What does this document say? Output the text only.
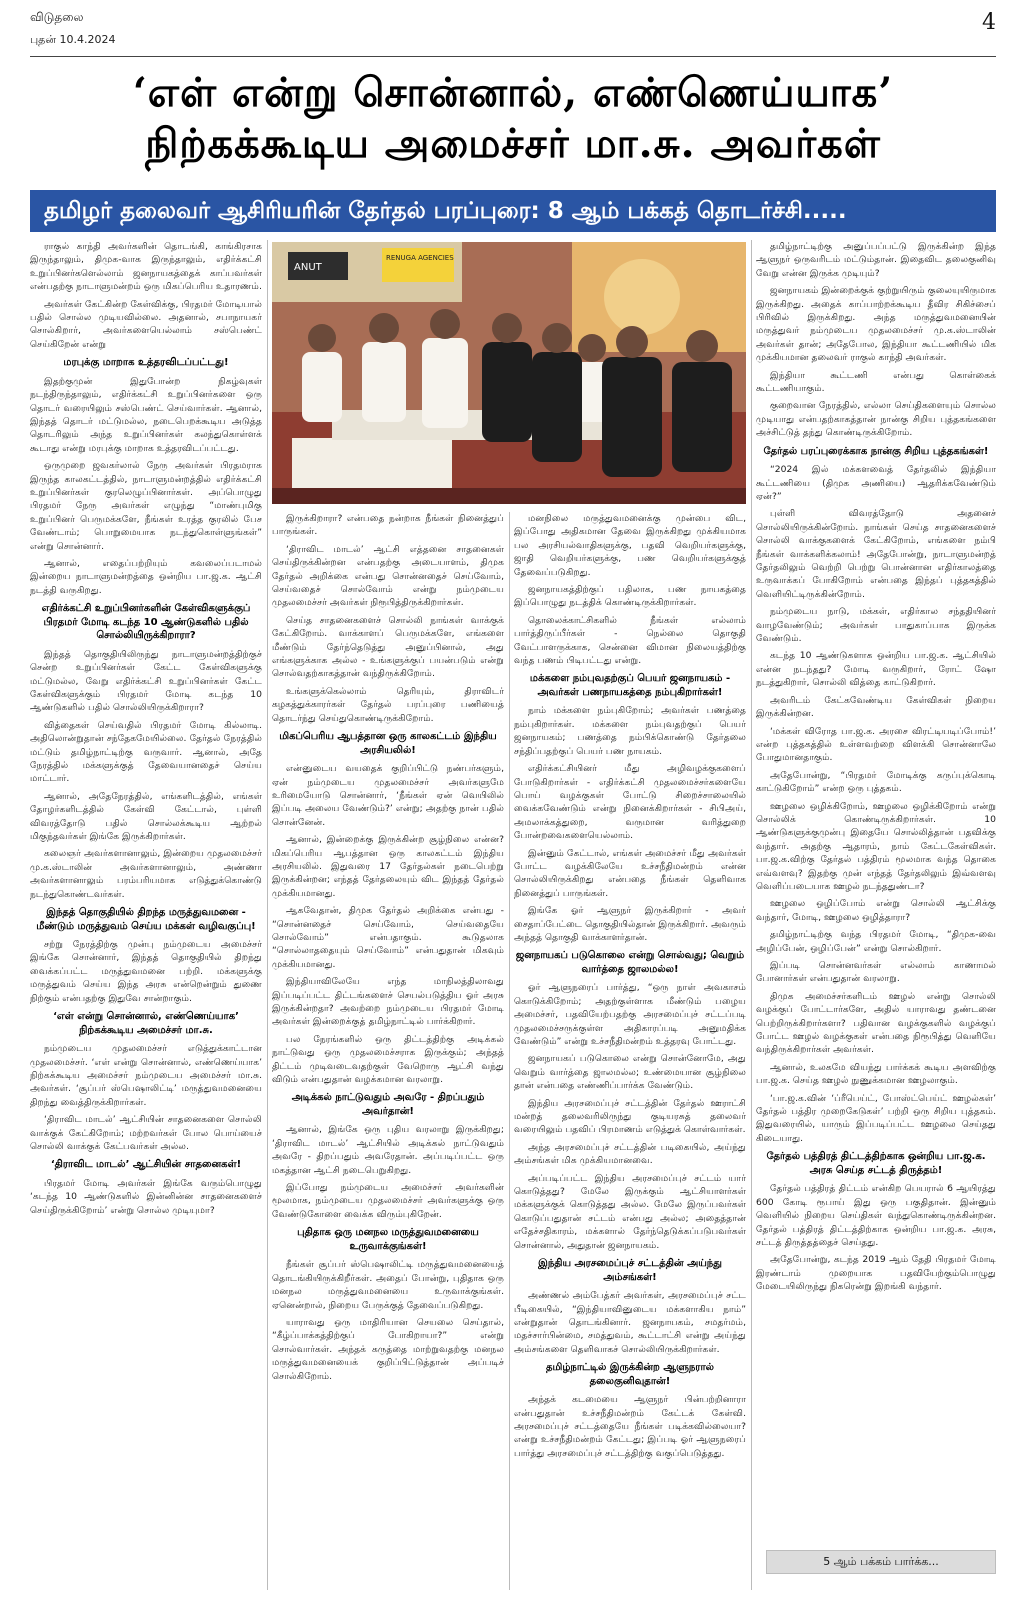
விடுதலை
புதன் 10.4.2024
4
‘எள் என்று சொன்னால், எண்ணெய்யாக’
நிற்கக்கூடிய அமைச்சர் மா.சு. அவர்கள்
தமிழர் தலைவர் ஆசிரியரின் தேர்தல் பரப்புரை: 8 ஆம் பக்கத் தொடர்ச்சி.....
RENUGA AGENCIES
ANUT

ராகுல் காந்தி அவர்களின் தொடங்கி, காங்கிரசாக இருந்தாலும், திமுக-வாக இருந்தாலும், எதிர்க்கட்சி உறுப்பினர்களெல்லாம் ஜனநாயகத்தைக் காப்பவர்கள் என்பதற்கு நாடாளுமன்றம் ஒரு மிகப்பெரிய உதாரணம்.

அவர்கள் கேட்கின்ற கேள்விக்கு, பிரதமர் மோடியால் பதில் சொல்ல முடியவில்லை. அதனால், சபாநாயகர் சொல்கிறார், அவர்களையெல்லாம் சஸ்பெண்ட் செய்கிறேன் என்று

மரபுக்கு மாறாக உத்தரவிடப்பட்டது!

இதற்குமுன் இதுபோன்ற நிகழ்வுகள் நடந்திருந்தாலும், எதிர்க்கட்சி உறுப்பினர்களை ஒரு தொடர் வரையிலும் சஸ்பெண்ட் செய்வார்கள். ஆனால், இந்தத் தொடர் மட்டுமல்ல, நடைபெறக்கூடிய அடுத்த தொடரிலும் அந்த உறுப்பினர்கள் கலந்துகொள்ளக் கூடாது என்று மரபுக்கு மாறாக உத்தரவிடப்பட்டது.

ஒருமுறை ஜவகர்லால் நேரு அவர்கள் பிரதமராக இருந்த காலகட்டத்தில், நாடாளுமன்றத்தில் எதிர்க்கட்சி உறுப்பினர்கள் குரலெழுப்பினார்கள். அப்பொழுது பிரதமர் நேரு அவர்கள் எழுந்து “மாண்புமிகு உறுப்பினர் பெருமக்களே, நீங்கள் உரத்த குரலில் பேச வேண்டாம்; பொறுமையாக நடந்துகொள்ளுங்கள்” என்று சொன்னார்.

ஆனால், எதைப்பற்றியும் கவலைப்படாமல் இன்றைய நாடாளுமன்றத்தை ஒன்றிய பா.ஜ.க. ஆட்சி நடத்தி வருகிறது.

எதிர்க்கட்சி உறுப்பினர்களின் கேள்விகளுக்குப் பிரதமர் மோடி கடந்த 10 ஆண்டுகளில் பதில் சொல்லியிருக்கிறாரா?

இந்தத் தொகுதியிலிருந்து நாடாளுமன்றத்திற்குச் சென்ற உறுப்பினர்கள் கேட்ட கேள்விகளுக்கு மட்டுமல்ல, வேறு எதிர்க்கட்சி உறுப்பினர்கள் கேட்ட கேள்விகளுக்கும் பிரதமர் மோடி கடந்த 10 ஆண்டுகளில் பதில் சொல்லியிருக்கிறாரா?

வித்தைகள் செய்வதில் பிரதமர் மோடி கில்லாடி. அதிலொன்றுதான் சந்தேகமேயில்லை. தேர்தல் நேரத்தில் மட்டும் தமிழ்நாட்டிற்கு வருவார். ஆனால், அதே நேரத்தில் மக்களுக்குத் தேவையானதைச் செய்ய மாட்டார்.

ஆனால், அதேநேரத்தில், எங்களிடத்தில், எங்கள் தோழர்களிடத்தில் கேள்வி கேட்டால், புள்ளி விவரத்தோடு பதில் சொல்லக்கூடிய ஆற்றல் மிகுந்தவர்கள் இங்கே இருக்கிறார்கள்.

கலைஞர் அவர்களானாலும், இன்றைய முதலமைச்சர் மு.க.ஸ்டாலின் அவர்களானாலும், அண்ணா அவர்களானாலும் பரம்பரியமாக எடுத்துக்கொண்டு நடந்துகொண்டவர்கள்.

இந்தத் தொகுதியில் திறந்த மருத்துவமனை - மீண்டும் மருத்துவம் செய்ய மக்கள் வழிவகுப்பு!

சற்று நேரத்திற்கு முன்பு நம்முடைய அமைச்சர் இங்கே சொன்னார், இந்தத் தொகுதியில் திறந்து வைக்கப்பட்ட மருத்துவமனை பற்றி. மக்களுக்கு மருத்துவம் செய்ய இந்த அரசு என்றென்றும் துணை நிற்கும் என்பதற்கு இதுவே சான்றாகும்.

‘எள் என்று சொன்னால், எண்ணெய்யாக’ நிற்கக்கூடிய அமைச்சர் மா.சு.

நம்முடைய முதலமைச்சர் எடுத்துக்காட்டான முதலமைச்சர். ‘எள் என்று சொன்னால், எண்ணெய்யாக’ நிற்கக்கூடிய அமைச்சர் நம்முடைய அமைச்சர் மா.சு. அவர்கள். ‘சூப்பர் ஸ்பெஷாலிட்டி’ மருத்துவமனையை திறந்து வைத்திருக்கிறார்கள்.

‘திராவிட மாடல்’ ஆட்சியின் சாதனைகளை சொல்லி வாக்குக் கேட்கிறோம்; மற்றவர்கள் போல பொய்யைச் சொல்லி வாக்குக் கேட்பவர்கள் அல்ல.

‘திராவிட மாடல்’ ஆட்சியின் சாதனைகள்!

பிரதமர் மோடி அவர்கள் இங்கே வரும்பொழுது ‘கடந்த 10 ஆண்டுகளில் இன்னின்ன சாதனைகளைச் செய்திருக்கிறோம்’ என்று சொல்ல முடியுமா?

இருக்கிறாரா? என்பதை நன்றாக நீங்கள் நினைத்துப் பாருங்கள்.

‘திராவிட மாடல்’ ஆட்சி எத்தனை சாதனைகள் செய்திருக்கின்றன என்பதற்கு அடையாளம், திமுக தேர்தல் அறிக்கை என்பது சொன்னதைச் செய்வோம், செய்வதைச் சொல்வோம் என்று நம்முடைய முதலமைச்சர் அவர்கள் நிரூபித்திருக்கிறார்கள்.

செய்த சாதனைகளைச் சொல்லி நாங்கள் வாக்குக் கேட்கிறோம். வாக்காளப் பெருமக்களே, எங்களை மீண்டும் தேர்ந்தெடுத்து அனுப்பினால், அது எங்களுக்காக அல்ல - உங்களுக்குப் பயன்படும் என்று சொல்வதற்காகத்தான் வந்திருக்கிறோம்.

உங்களுக்கெல்லாம் தெரியும், திராவிடர் கழகத்துக்காரர்கள் தேர்தல் பரப்புரை பணியைத் தொடர்ந்து செய்துகொண்டிருக்கிறோம்.

மிகப்பெரிய ஆபத்தான ஒரு காலகட்டம் இந்திய அரசியலில்!

என்னுடைய வயதைக் குறிப்பிட்டு நண்பர்களும், ஏன் நம்முடைய முதலமைச்சர் அவர்களுமே உரிமையோடு சொன்னார், ‘நீங்கள் ஏன் வெயிலில் இப்படி அலைய வேண்டும்?’ என்று; அதற்கு நான் பதில் சொன்னேன்.

ஆனால், இன்றைக்கு இருக்கின்ற சூழ்நிலை என்ன? மிகப்பெரிய ஆபத்தான ஒரு காலகட்டம் இந்திய அரசியலில். இதுவரை 17 தேர்தல்கள் நடைபெற்று இருக்கின்றன; எந்தத் தேர்தலையும் விட இந்தத் தேர்தல் முக்கியமானது.

ஆகவேதான், திமுக தேர்தல் அறிக்கை என்பது - “சொன்னதைச் செய்வோம், செய்வதையே சொல்வோம்” என்பதாகும். கூடுதலாக “சொல்லாததையும் செய்வோம்” என்பதுதான் மிகவும் முக்கியமானது.

இந்தியாவிலேயே எந்த மாநிலத்திலாவது இப்படிப்பட்ட திட்டங்களைச் செயல்படுத்திய ஓர் அரசு இருக்கின்றதா? அவற்றை நம்முடைய பிரதமர் மோடி அவர்கள் இன்றைக்குத் தமிழ்நாட்டில் பார்க்கிறார்.

பல நேரங்களில் ஒரு திட்டத்திற்கு அடிக்கல் நாட்டுவது ஒரு முதலமைச்சராக இருக்கும்; அந்தத் திட்டம் முடிவடைவதற்குள் வேறொரு ஆட்சி வந்து விடும் என்பதுதான் வழக்கமான வரலாறு.

அடிக்கல் நாட்டுவதும் அவரே - திறப்பதும் அவர்தான்!

ஆனால், இங்கே ஒரு புதிய வரலாறு இருக்கிறது; ‘திராவிட மாடல்’ ஆட்சியில் அடிக்கல் நாட்டுவதும் அவரே - திறப்பதும் அவரேதான். அப்படிப்பட்ட ஒரு மகத்தான ஆட்சி நடைபெறுகிறது.

இப்போது நம்முடைய அமைச்சர் அவர்களின் மூலமாக, நம்முடைய முதலமைச்சர் அவர்களுக்கு ஒரு வேண்டுகோளை வைக்க விரும்புகிறேன்.

புதிதாக ஒரு மனநல மருத்துவமனையை உருவாக்குங்கள்!

நீங்கள் சூப்பர் ஸ்பெஷாலிட்டி மருத்துவமனையைத் தொடங்கியிருக்கிறீர்கள். அதைப் போன்று, புதிதாக ஒரு மனநல மருத்துவமனையை உருவாக்குங்கள். ஏனென்றால், நிறைய பேருக்குத் தேவைப்படுகிறது.

யாராவது ஒரு மாதிரியான செயலை செய்தால், “கீழ்ப்பாக்கத்திற்குப் போகிறாயா?” என்று சொல்வார்கள். அந்தக் கருத்தை மாற்றுவதற்கு மனநல மருத்துவமனையைக் குறிப்பிட்டுத்தான் அப்படிச் சொல்கிறோம்.

மனநிலை மருத்துவமனைக்கு முன்பை விட, இப்போது அதிகமான தேவை இருக்கிறது முக்கியமாக பல அரசியல்வாதிகளுக்கு, பதவி வெறியர்களுக்கு, ஜாதி வெறியர்களுக்கு, பண வெறியர்களுக்குத் தேவைப்படுகிறது.

ஜனநாயகத்திற்குப் பதிலாக, பண நாயகத்தை இப்பொழுது நடத்திக் கொண்டிருக்கிறார்கள்.

தொலைக்காட்சிகளில் நீங்கள் எல்லாம் பார்த்திருப்பீர்கள் - நெல்லை தொகுதி வேட்பாளருக்காக, சென்னை விமான நிலையத்திற்கு வந்த பணம் பிடிபட்டது என்று.

மக்களை நம்புவதற்குப் பெயர் ஜனநாயகம் - அவர்கள் பணநாயகத்தை நம்புகிறார்கள்!

நாம் மக்களை நம்புகிறோம்; அவர்கள் பணத்தை நம்புகிறார்கள். மக்களை நம்புவதற்குப் பெயர் ஜனநாயகம்; பணத்தை நம்பிக்கொண்டு தேர்தலை சந்திப்பதற்குப் பெயர் பண நாயகம்.

எதிர்க்கட்சியினர் மீது அழிவழக்குகளைப் போடுகிறார்கள் - எதிர்க்கட்சி முதலமைச்சர்களையே பொய் வழக்குகள் போட்டு சிறைச்சாலையில் வைக்கவேண்டும் என்று நினைக்கிறார்கள் - சிபிஅய், அமலாக்கத்துறை, வருமான வரித்துறை போன்றவைகளையெல்லாம்.

இன்னும் கேட்டால், எங்கள் அமைச்சர் மீது அவர்கள் போட்ட வழக்கிலேயே உச்சநீதிமன்றம் என்ன சொல்லியிருக்கிறது என்பதை நீங்கள் தெளிவாக நினைத்துப் பாருங்கள்.

இங்கே ஓர் ஆளுநர் இருக்கிறார் - அவர் சைதாப்பேட்டை தொகுதியில்தான் இருக்கிறார். அவரும் அந்தத் தொகுதி வாக்காளர்தான்.

ஜனநாயகப் படுகொலை என்று சொல்வது; வெறும் வார்த்தை ஜாலமல்ல!

ஓர் ஆளுநரைப் பார்த்து, “ஒரு நாள் அவகாசம் கொடுக்கிறோம்; அதற்குள்ளாக மீண்டும் பழைய அமைச்சர், பதவியேற்பதற்கு அரசமைப்புச் சட்டப்படி முதலமைச்சருக்குள்ள அதிகாரப்படி அனுமதிக்க வேண்டும்” என்று உச்சநீதிமன்றம் உத்தரவு போட்டது.

ஜனநாயகப் படுகொலை என்று சொன்னோமே, அது வெறும் வார்த்தை ஜாலமல்ல; உண்மையான சூழ்நிலை தான் என்பதை எண்ணிப்பார்க்க வேண்டும்.

இந்திய அரசமைப்புச் சட்டத்தின் தேர்தல் ஊராட்சி மன்றத் தலைவரிலிருந்து குடியரசுத் தலைவர் வரையிலும் பதவிப் பிரமாணம் எடுத்துக் கொள்வார்கள்.

அந்த அரசமைப்புச் சட்டத்தின் படிகையில், அய்ந்து அம்சங்கள் மிக முக்கியமானவை.

அப்படிப்பட்ட இந்திய அரசமைப்புச் சட்டம் யார் கொடுத்தது? மேலே இருக்கும் ஆட்சியாளர்கள் மக்களுக்குக் கொடுத்தது அல்ல. மேலே இருப்பவர்கள் கொடுப்பதுதான் சட்டம் என்பது அல்ல; அதைத்தான் எதேச்சதிகாரம், மக்களால் தேர்ந்தெடுக்கப்படுபவர்கள் சொன்னால், அதுதான் ஜனநாயகம்.

இந்திய அரசமைப்புச் சட்டத்தின் அய்ந்து அம்சங்கள்!

அண்ணல் அம்பேத்கர் அவர்கள், அரசமைப்புச் சட்ட பீடிகையில், “இந்தியாவினுடைய மக்களாகிய நாம்” என்றுதான் தொடங்கினார். ஜனநாயகம், சமதர்மம், மதச்சார்பின்மை, சமத்துவம், கூட்டாட்சி என்று அய்ந்து அம்சங்களை தெளிவாகச் சொல்லியிருக்கிறார்கள்.

தமிழ்நாட்டில் இருக்கின்ற ஆளுநரால் தலைகுனிவுதான்!

அந்தக் கடமையை ஆளுநர் பின்பற்றினாரா என்பதுதான் உச்சநீதிமன்றம் கேட்டக் கேள்வி. அரசமைப்புச் சட்டத்தையே நீங்கள் படிக்கவில்லையா? என்று உச்சநீதிமன்றம் கேட்டது; இப்படி ஓர் ஆளுநரைப் பார்த்து அரசமைப்புச் சட்டத்திற்கு வகுப்பெடுத்தது.

தமிழ்நாட்டிற்கு அனுப்பப்பட்டு இருக்கின்ற இந்த ஆளுநர் ஒருவரிடம் மட்டும்தான். இதைவிட தலைகுனிவு வேறு என்ன இருக்க முடியும்?

ஜனநாயகம் இன்றைக்குக் குற்றுயிரும் குலையுயிருமாக இருக்கிறது. அதைக் காப்பாற்றக்கூடிய தீவிர சிகிச்சைப் பிரிவில் இருக்கிறது. அந்த மருத்துவமனையின் மருத்துவர் நம்முடைய முதலமைச்சர் மு.க.ஸ்டாலின் அவர்கள் தான்; அதேபோல, இந்தியா கூட்டணியில் மிக முக்கியமான தலைவர் ராகுல் காந்தி அவர்கள்.

இந்தியா கூட்டணி என்பது கொள்கைக் கூட்டணியாகும்.

குறைவான நேரத்தில், எல்லா செய்திகளையும் சொல்ல முடியாது என்பதற்காகத்தான் நான்கு சிறிய புத்தகங்களை அச்சிட்டுத் தந்து கொண்டிருக்கிறோம்.

தேர்தல் பரப்புரைக்காக நான்கு சிறிய புத்தகங்கள்!

“2024 இல் மக்களவைத் தேர்தலில் இந்தியா கூட்டணியை (திமுக அணியை) ஆதரிக்கவேண்டும் ஏன்?”

புள்ளி விவரத்தோடு அதனைச் சொல்லியிருக்கின்றோம். நாங்கள் செய்த சாதனைகளைச் சொல்லி வாக்குகளைக் கேட்கிறோம், எங்களை நம்பி நீங்கள் வாக்களிக்கலாம்! அதேபோன்று, நாடாளுமன்றத் தேர்தலிலும் வெற்றி பெற்று பொன்னான எதிர்காலத்தை உருவாக்கப் போகிறோம் என்பதை இந்தப் புத்தகத்தில் வெளியிட்டிருக்கின்றோம்.

நம்முடைய நாடு, மக்கள், எதிர்கால சந்ததியினர் வாழவேண்டும்; அவர்கள் பாதுகாப்பாக இருக்க வேண்டும்.

கடந்த 10 ஆண்டுகளாக ஒன்றிய பா.ஜ.க. ஆட்சியில் என்ன நடந்தது? மோடி வருகிறார், ரோட் ஷோ நடத்துகிறார், சொல்லி வித்தை காட்டுகிறார்.

அவரிடம் கேட்கவேண்டிய கேள்விகள் நிறைய இருக்கின்றன.

‘மக்கள் விரோத பா.ஜ.க. அரசை விரட்டியடிப்போம்!’ என்ற புத்தகத்தில் உள்ளவற்றை விளக்கி சொன்னாலே போதுமானதாகும்.

அதேபோன்று, “பிரதமர் மோடிக்கு கருப்புக்கொடி காட்டுகிறோம்” என்ற ஒரு புத்தகம்.

ஊழலை ஒழிக்கிறோம், ஊழலை ஒழிக்கிறோம் என்று சொல்லிக் கொண்டிருக்கிறார்கள். 10 ஆண்டுகளுக்குமுன்பு இதையே சொல்லித்தான் பதவிக்கு வந்தார். அதற்கு ஆதாரம், நாம் கேட்டகேள்விகள். பா.ஜ.க.விற்கு தேர்தல் பத்திரம் மூலமாக வந்த தொகை எவ்வளவு? இதற்கு முன் எந்தத் தேர்தலிலும் இவ்வளவு வெளிப்படையாக ஊழல் நடந்ததுண்டா?

ஊழலை ஒழிப்போம் என்று சொல்லி ஆட்சிக்கு வந்தார், மோடி, ஊழலை ஒழித்தாரா?

தமிழ்நாட்டிற்கு வந்த பிரதமர் மோடி, “திமுக-வை அழிப்பேன், ஒழிப்பேன்” என்று சொல்கிறார்.

இப்படி சொன்னவர்கள் எல்லாம் காணாமல் போனார்கள் என்பதுதான் வரலாறு.

திமுக அமைச்சர்களிடம் ஊழல் என்று சொல்லி வழக்குப் போட்டார்களே, அதில் யாராவது தண்டனை பெற்றிருக்கிறார்களா? பதிவான வழக்குகளில் வழக்குப் போட்ட ஊழல் வழக்குகள் என்பதை நிரூபித்து வெளியே வந்திருக்கிறார்கள் அவர்கள்.

ஆனால், உலகமே வியந்து பார்க்கக் கூடிய அளவிற்கு பா.ஜ.க. செய்த ஊழல் நுணுக்கமான ஊழலாகும்.

‘பா.ஜ.க.வின் ‘ப்ரீபெய்ட், போஸ்ட்பெய்ட் ஊழல்கள்’ தேர்தல் பத்திர முறைகேடுகள்’ பற்றி ஒரு சிறிய புத்தகம். இதுவரையில், யாரும் இப்படிப்பட்ட ஊழலை செய்தது கிடையாது.

தேர்தல் பத்திரத் திட்டத்திற்காக ஒன்றிய பா.ஜ.க. அரசு செய்த சட்டத் திருத்தம்!

தேர்தல் பத்திரத் திட்டம் என்கிற பெயரால் 6 ஆயிரத்து 600 கோடி ரூபாய் இது ஒரு பகுதிதான். இன்னும் வெளியில் நிறைய செய்திகள் வந்துகொண்டிருக்கின்றன. தேர்தல் பத்திரத் திட்டத்திற்காக ஒன்றிய பா.ஜ.க. அரசு, சட்டத் திருத்தத்தைச் செய்தது.

அதேபோன்று, கடந்த 2019 ஆம் தேதி பிரதமர் மோடி இரண்டாம் முறையாக பதவியேற்கும்பொழுது மேடையிலிருந்து நிகரென்று இறங்கி வந்தார்.

5 ஆம் பக்கம் பார்க்க...
